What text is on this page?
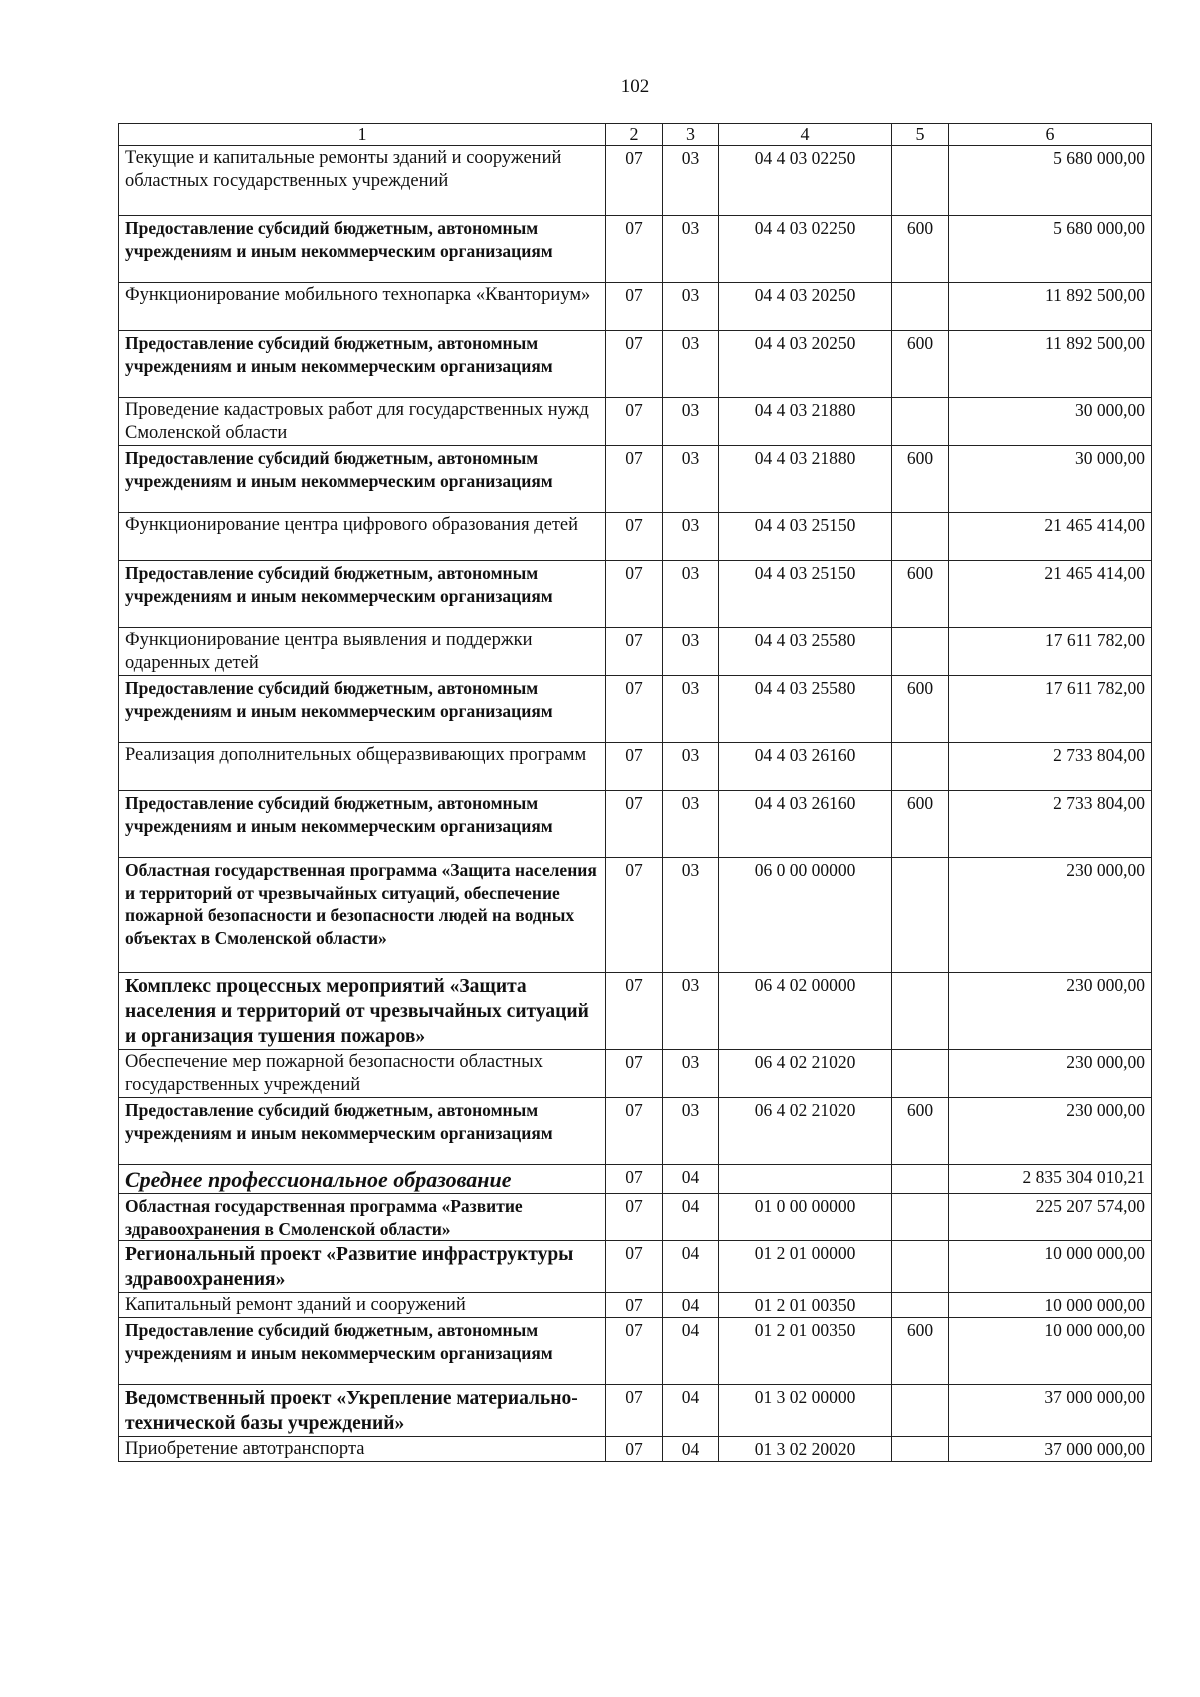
102
1	2	3	4	5	6
Текущие и капитальные ремонты зданий и сооружений областных государственных учреждений	07	03	04 4 03 02250		5 680 000,00
Предоставление субсидий бюджетным, автономным учреждениям и иным некоммерческим организациям	07	03	04 4 03 02250	600	5 680 000,00
Функционирование мобильного технопарка «Кванториум»	07	03	04 4 03 20250		11 892 500,00
Предоставление субсидий бюджетным, автономным учреждениям и иным некоммерческим организациям	07	03	04 4 03 20250	600	11 892 500,00
Проведение кадастровых работ для государственных нужд Смоленской области	07	03	04 4 03 21880		30 000,00
Предоставление субсидий бюджетным, автономным учреждениям и иным некоммерческим организациям	07	03	04 4 03 21880	600	30 000,00
Функционирование центра цифрового образования детей	07	03	04 4 03 25150		21 465 414,00
Предоставление субсидий бюджетным, автономным учреждениям и иным некоммерческим организациям	07	03	04 4 03 25150	600	21 465 414,00
Функционирование центра выявления и поддержки одаренных детей	07	03	04 4 03 25580		17 611 782,00
Предоставление субсидий бюджетным, автономным учреждениям и иным некоммерческим организациям	07	03	04 4 03 25580	600	17 611 782,00
Реализация дополнительных общеразвивающих программ	07	03	04 4 03 26160		2 733 804,00
Предоставление субсидий бюджетным, автономным учреждениям и иным некоммерческим организациям	07	03	04 4 03 26160	600	2 733 804,00
Областная государственная программа «Защита населения и территорий от чрезвычайных ситуаций, обеспечение пожарной безопасности и безопасности людей на водных объектах в Смоленской области»	07	03	06 0 00 00000		230 000,00
Комплекс процессных мероприятий «Защита населения и территорий от чрезвычайных ситуаций и организация тушения пожаров»	07	03	06 4 02 00000		230 000,00
Обеспечение мер пожарной безопасности областных государственных учреждений	07	03	06 4 02 21020		230 000,00
Предоставление субсидий бюджетным, автономным учреждениям и иным некоммерческим организациям	07	03	06 4 02 21020	600	230 000,00
Среднее профессиональное образование	07	04			2 835 304 010,21
Областная государственная программа «Развитие здравоохранения в Смоленской области»	07	04	01 0 00 00000		225 207 574,00
Региональный проект «Развитие инфраструктуры здравоохранения»	07	04	01 2 01 00000		10 000 000,00
Капитальный ремонт зданий и сооружений	07	04	01 2 01 00350		10 000 000,00
Предоставление субсидий бюджетным, автономным учреждениям и иным некоммерческим организациям	07	04	01 2 01 00350	600	10 000 000,00
Ведомственный проект «Укрепление материально-технической базы учреждений»	07	04	01 3 02 00000		37 000 000,00
Приобретение автотранспорта	07	04	01 3 02 20020		37 000 000,00
